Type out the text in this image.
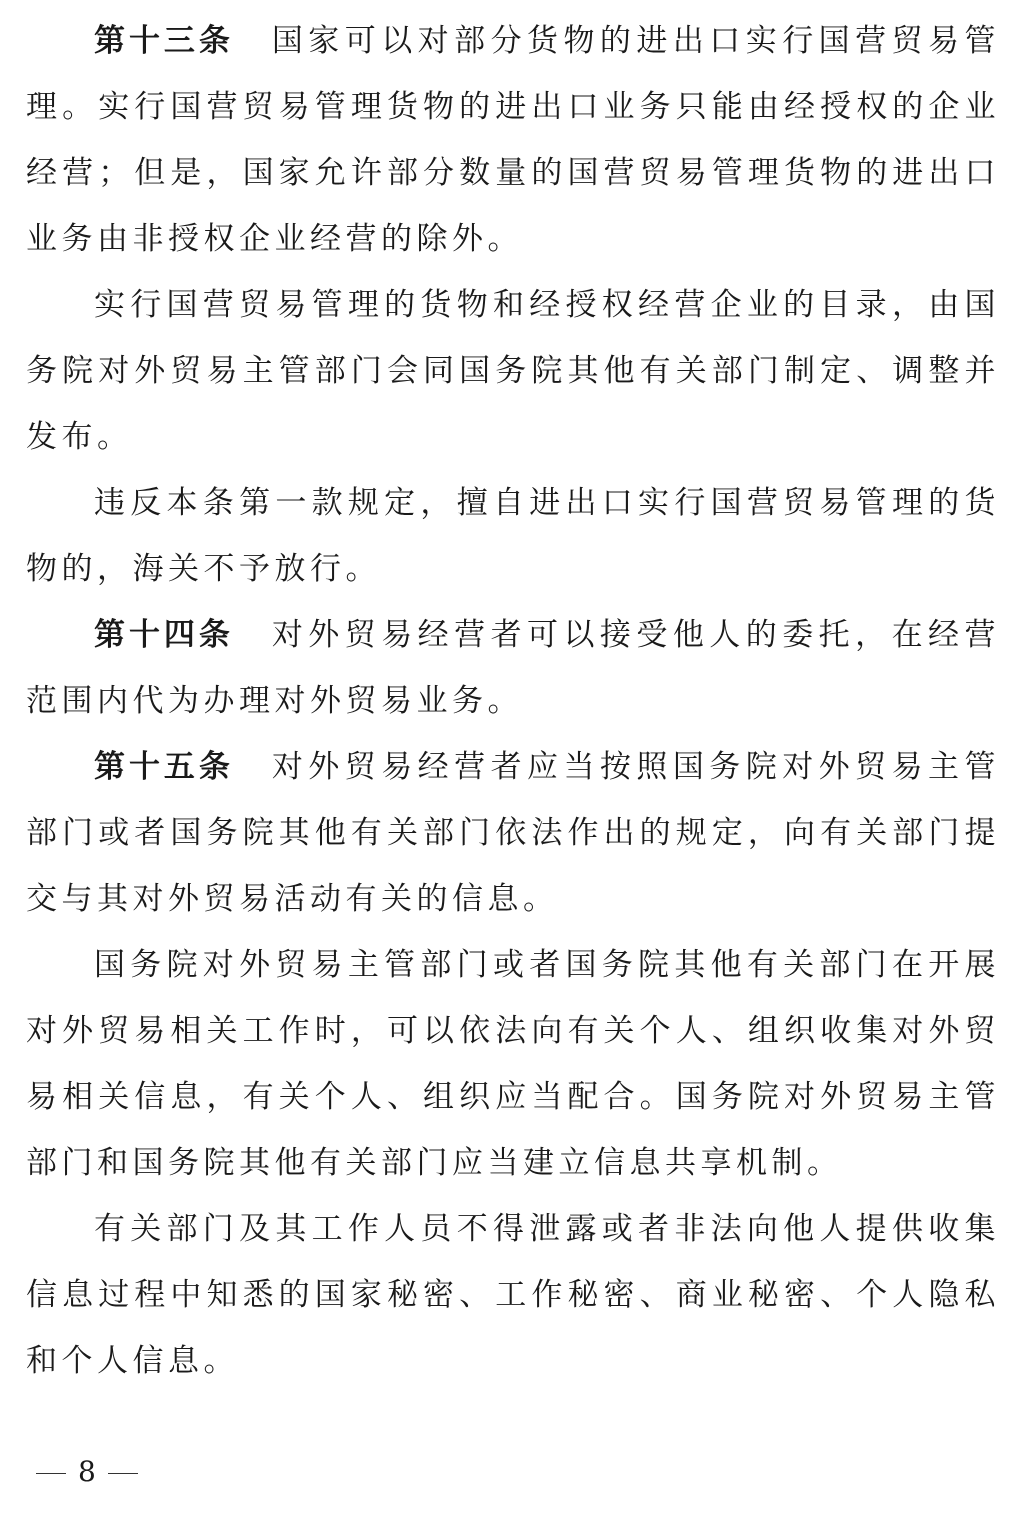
第十三条 国家可以对部分货物的进出口实行国营贸易管理。实行国营贸易管理货物的进出口业务只能由经授权的企业经营；但是，国家允许部分数量的国营贸易管理货物的进出口业务由非授权企业经营的除外。

实行国营贸易管理的货物和经授权经营企业的目录，由国务院对外贸易主管部门会同国务院其他有关部门制定、调整并发布。

违反本条第一款规定，擅自进出口实行国营贸易管理的货物的，海关不予放行。

第十四条 对外贸易经营者可以接受他人的委托，在经营范围内代为办理对外贸易业务。

第十五条 对外贸易经营者应当按照国务院对外贸易主管部门或者国务院其他有关部门依法作出的规定，向有关部门提交与其对外贸易活动有关的信息。

国务院对外贸易主管部门或者国务院其他有关部门在开展对外贸易相关工作时，可以依法向有关个人、组织收集对外贸易相关信息，有关个人、组织应当配合。国务院对外贸易主管部门和国务院其他有关部门应当建立信息共享机制。

有关部门及其工作人员不得泄露或者非法向他人提供收集信息过程中知悉的国家秘密、工作秘密、商业秘密、个人隐私和个人信息。

8
